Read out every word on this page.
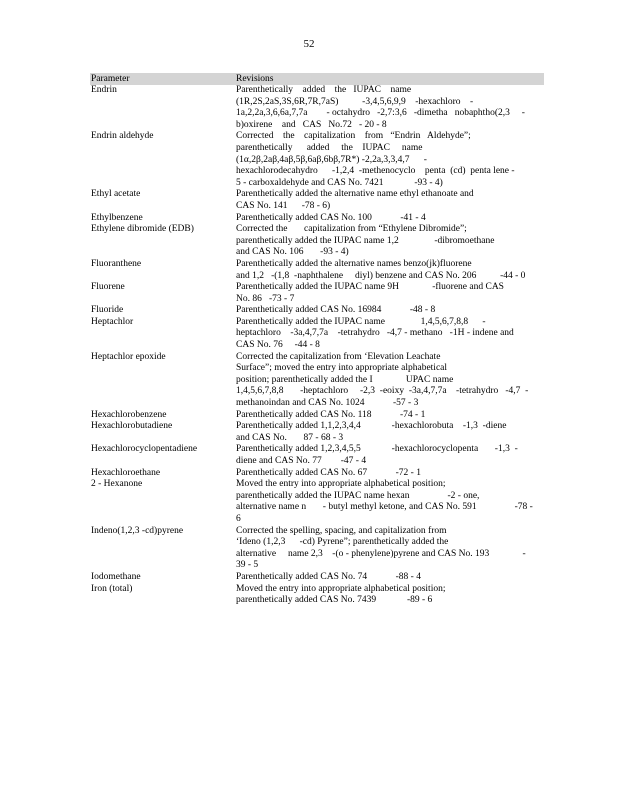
52
Parameter	Revisions
Endrin	Parenthetically    added    the   IUPAC    name
(1R,2S,2aS,3S,6R,7R,7aS)          -3,4,5,6,9,9    -hexachloro    -
1a,2,2a,3,6,6a,7,7a        - octahydro   -2,7:3,6   -dimetha   nobaphtho(2,3     -
b)oxirene    and   CAS   No.72   - 20 - 8
Endrin aldehyde	Corrected    the    capitalization    from   “Endrin   Aldehyde”;
parenthetically      added     the    IUPAC     name
(1α,2β,2aβ,4aβ,5β,6aβ,6bβ,7R*) -2,2a,3,3,4,7      -
hexachlorodecahydro      -1,2,4  -methenocyclo    penta  (cd)  penta lene -
5 - carboxaldehyde and CAS No. 7421             -93 - 4)
Ethyl acetate	Parenthetically added the alternative name ethyl ethanoate and
CAS No. 141      -78 - 6)
Ethylbenzene	Parenthetically added CAS No. 100            -41 - 4
Ethylene dibromide (EDB)	Corrected the       capitalization from “Ethylene Dibromide”;
parenthetically added the IUPAC name 1,2               -dibromoethane
and CAS No. 106       -93 - 4)
Fluoranthene	Parenthetically added the alternative names benzo(jk)fluorene
and 1,2   -(1,8  -naphthalene     diyl) benzene and CAS No. 206          -44 - 0
Fluorene	Parenthetically added the IUPAC name 9H              -fluorene and CAS
No. 86   -73 - 7
Fluoride	Parenthetically added CAS No. 16984            -48 - 8
Heptachlor	Parenthetically added the IUPAC name               1,4,5,6,7,8,8      -
heptachloro    -3a,4,7,7a    -tetrahydro   -4,7 - methano   -1H - indene and
CAS No. 76     -44 - 8
Heptachlor epoxide	Corrected the capitalization from ‘Elevation Leachate
Surface”; moved the entry into appropriate alphabetical
position; parenthetically added the I              UPAC name
1,4,5,6,7,8,8       -heptachloro     -2,3  -eoixy  -3a,4,7,7a    -tetrahydro   -4,7  -
methanoindan and CAS No. 1024            -57 - 3
Hexachlorobenzene	Parenthetically added CAS No. 118            -74 - 1
Hexachlorobutadiene	Parenthetically added 1,1,2,3,4,4             -hexachlorobuta    -1,3  -diene
and CAS No.       87 - 68 - 3
Hexachlorocyclopentadiene	Parenthetically added 1,2,3,4,5,5             -hexachlorocyclopenta       -1,3  -
diene and CAS No. 77        -47 - 4
Hexachloroethane	Parenthetically added CAS No. 67            -72 - 1
2 - Hexanone	Moved the entry into appropriate alphabetical position;
parenthetically added the IUPAC name hexan                -2 - one,
alternative name n       - butyl methyl ketone, and CAS No. 591                -78 -
6
Indeno(1,2,3 -cd)pyrene	Corrected the spelling, spacing, and capitalization from
‘Ideno (1,2,3      -cd) Pyrene”; parenthetically added the
alternative     name 2,3    -(o - phenylene)pyrene and CAS No. 193              -
39 - 5
Iodomethane	Parenthetically added CAS No. 74            -88 - 4
Iron (total)	Moved the entry into appropriate alphabetical position;
parenthetically added CAS No. 7439             -89 - 6
